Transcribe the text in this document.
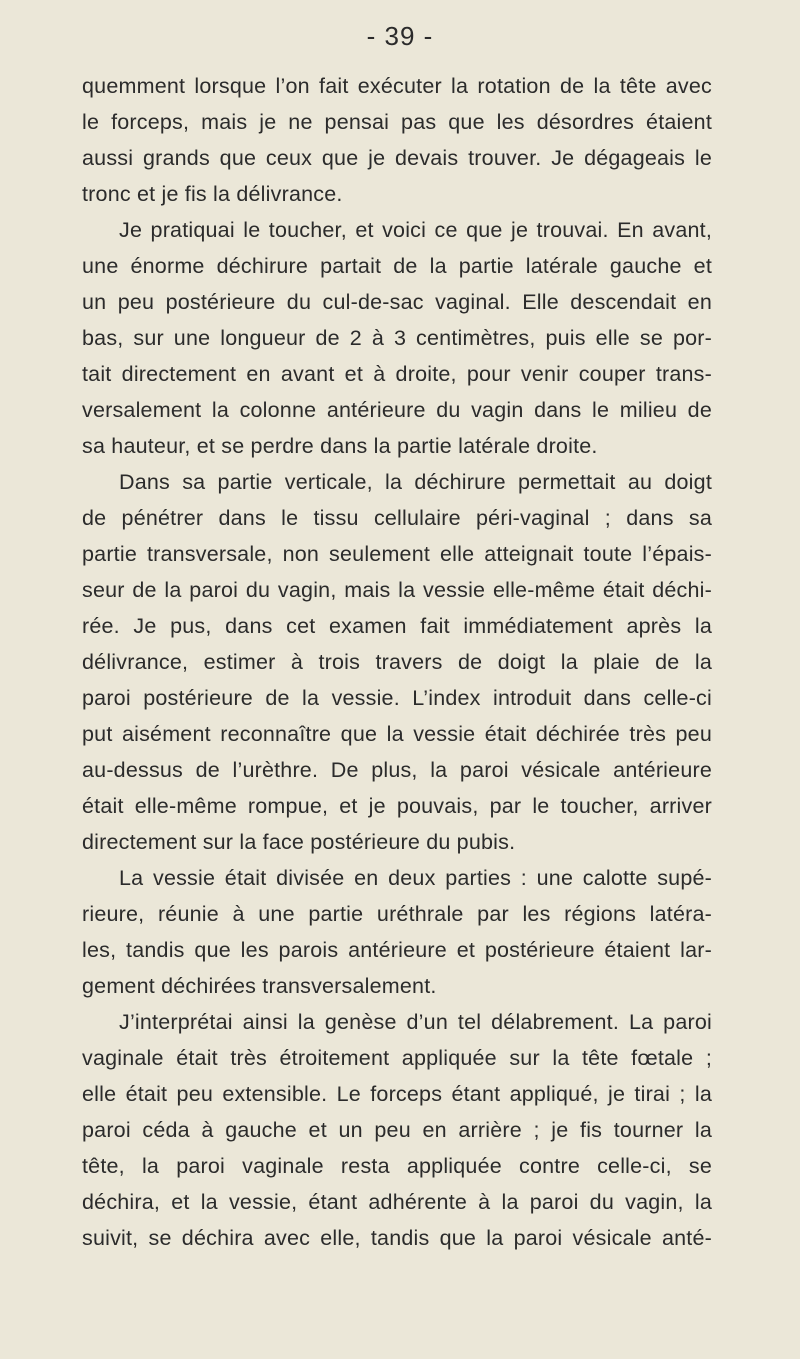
- 39 -
quemment lorsque l’on fait exécuter la rotation de la tête avec
le forceps, mais je ne pensai pas que les désordres étaient
aussi grands que ceux que je devais trouver. Je dégageais le
tronc et je fis la délivrance.
Je pratiquai le toucher, et voici ce que je trouvai. En avant,
une énorme déchirure partait de la partie latérale gauche et
un peu postérieure du cul-de-sac vaginal. Elle descendait en
bas, sur une longueur de 2 à 3 centimètres, puis elle se por-
tait directement en avant et à droite, pour venir couper trans-
versalement la colonne antérieure du vagin dans le milieu de
sa hauteur, et se perdre dans la partie latérale droite.
Dans sa partie verticale, la déchirure permettait au doigt
de pénétrer dans le tissu cellulaire péri-vaginal ; dans sa
partie transversale, non seulement elle atteignait toute l’épais-
seur de la paroi du vagin, mais la vessie elle-même était déchi-
rée. Je pus, dans cet examen fait immédiatement après la
délivrance, estimer à trois travers de doigt la plaie de la
paroi postérieure de la vessie. L’index introduit dans celle-ci
put aisément reconnaître que la vessie était déchirée très peu
au-dessus de l’urèthre. De plus, la paroi vésicale antérieure
était elle-même rompue, et je pouvais, par le toucher, arriver
directement sur la face postérieure du pubis.
La vessie était divisée en deux parties : une calotte supé-
rieure, réunie à une partie uréthrale par les régions latéra-
les, tandis que les parois antérieure et postérieure étaient lar-
gement déchirées transversalement.
J’interprétai ainsi la genèse d’un tel délabrement. La paroi
vaginale était très étroitement appliquée sur la tête fœtale ;
elle était peu extensible. Le forceps étant appliqué, je tirai ; la
paroi céda à gauche et un peu en arrière ; je fis tourner la
tête, la paroi vaginale resta appliquée contre celle-ci, se
déchira, et la vessie, étant adhérente à la paroi du vagin, la
suivit, se déchira avec elle, tandis que la paroi vésicale anté-
